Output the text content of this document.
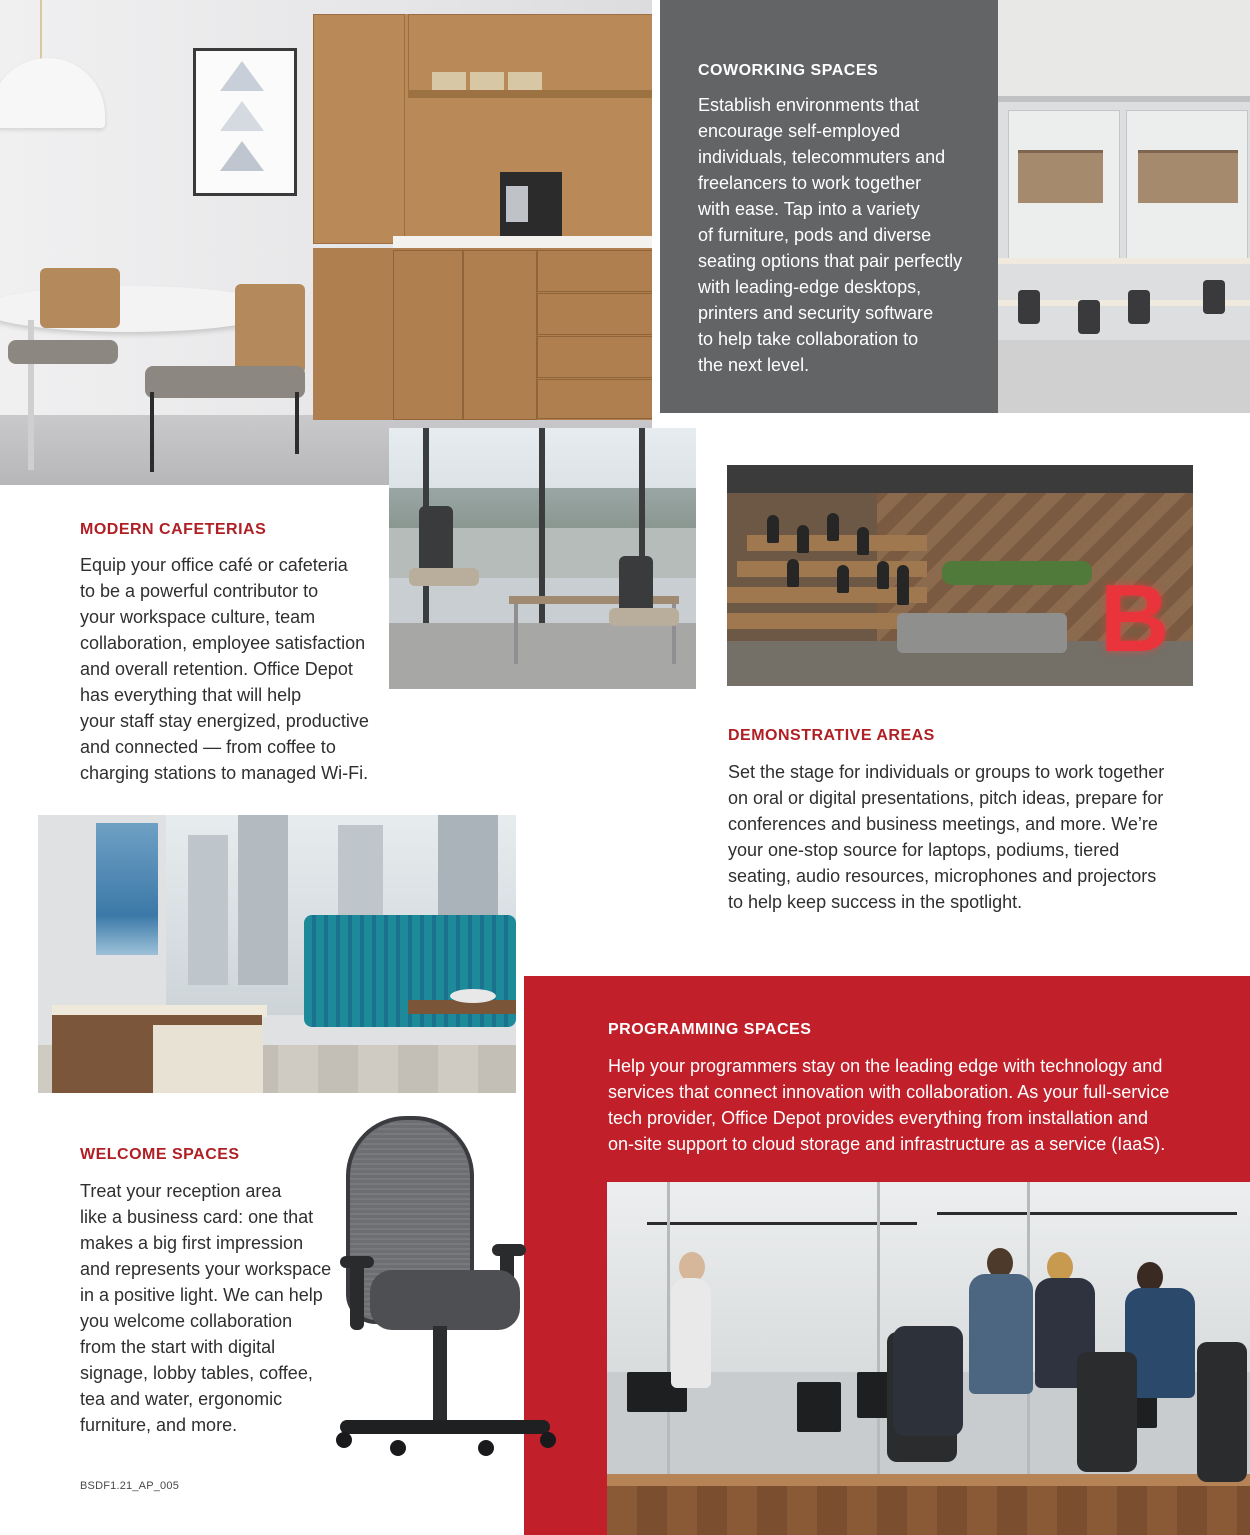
COWORKING SPACES

Establish environments that
encourage self-employed
individuals, telecommuters and
freelancers to work together
with ease. Tap into a variety
of furniture, pods and diverse
seating options that pair perfectly
with leading-edge desktops,
printers and security software
to help take collaboration to
the next level.

B
MODERN CAFETERIAS

Equip your office café or cafeteria
to be a powerful contributor to
your workspace culture, team
collaboration, employee satisfaction
and overall retention. Office Depot
has everything that will help
your staff stay energized, productive
and connected — from coffee to
charging stations to managed Wi-Fi.

DEMONSTRATIVE AREAS

Set the stage for individuals or groups to work together
on oral or digital presentations, pitch ideas, prepare for
conferences and business meetings, and more. We’re
your one-stop source for laptops, podiums, tiered
seating, audio resources, microphones and projectors
to help keep success in the spotlight.

PROGRAMMING SPACES

Help your programmers stay on the leading edge with technology and
services that connect innovation with collaboration. As your full-service
tech provider, Office Depot provides everything from installation and
on-site support to cloud storage and infrastructure as a service (IaaS).

WELCOME SPACES

Treat your reception area
like a business card: one that
makes a big first impression
and represents your workspace
in a positive light. We can help
you welcome collaboration
from the start with digital
signage, lobby tables, coffee,
tea and water, ergonomic
furniture, and more.

BSDF1.21_AP_005
